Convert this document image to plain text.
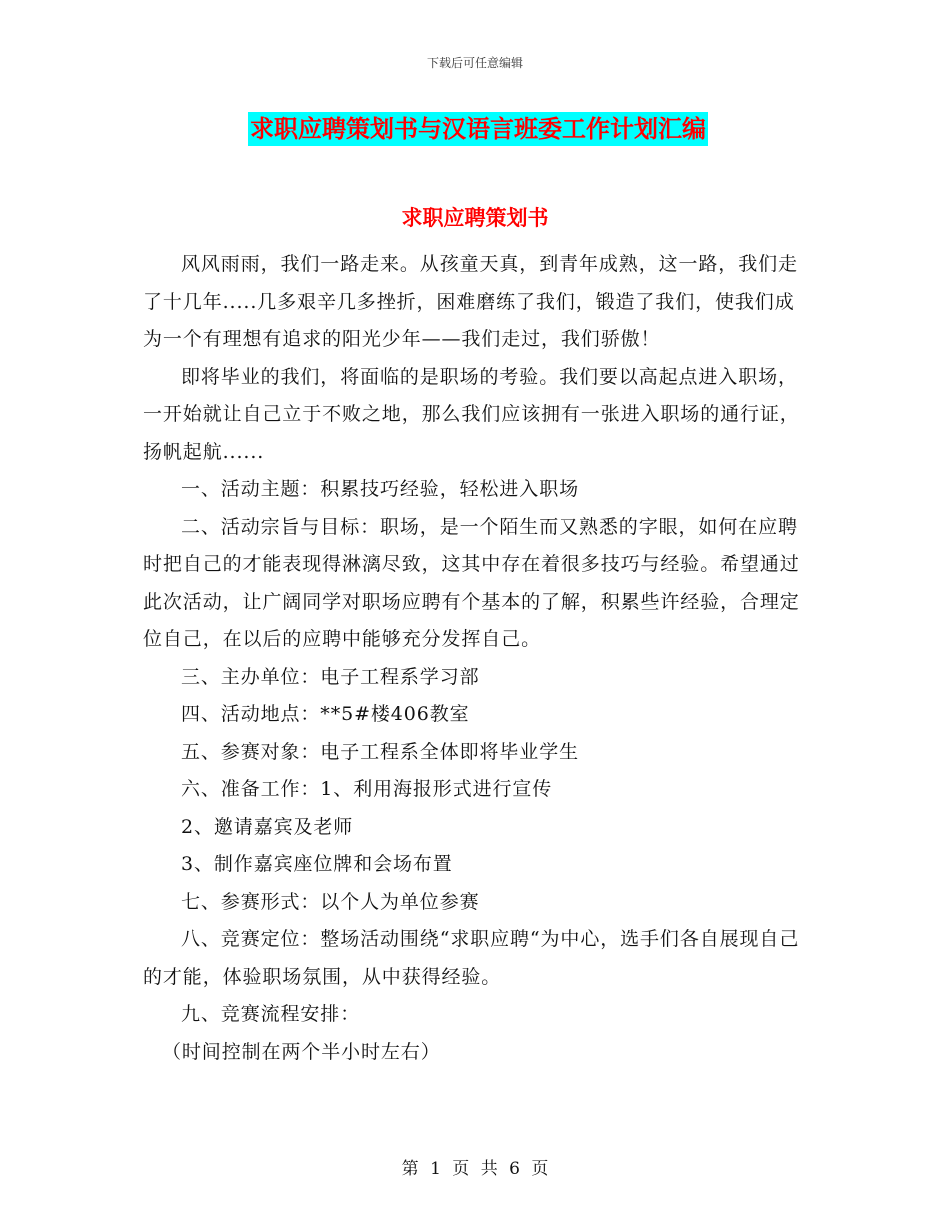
下载后可任意编辑
求职应聘策划书与汉语言班委工作计划汇编
求职应聘策划书

风风雨雨，我们一路走来。从孩童天真，到青年成熟，这一路，我们走了十几年.....几多艰辛几多挫折，困难磨练了我们，锻造了我们，使我们成为一个有理想有追求的阳光少年——我们走过，我们骄傲！

即将毕业的我们，将面临的是职场的考验。我们要以高起点进入职场，一开始就让自己立于不败之地，那么我们应该拥有一张进入职场的通行证，扬帆起航......

一、活动主题：积累技巧经验，轻松进入职场

二、活动宗旨与目标：职场，是一个陌生而又熟悉的字眼，如何在应聘时把自己的才能表现得淋漓尽致，这其中存在着很多技巧与经验。希望通过此次活动，让广阔同学对职场应聘有个基本的了解，积累些许经验，合理定位自己，在以后的应聘中能够充分发挥自己。

三、主办单位：电子工程系学习部

四、活动地点：**5#楼406教室

五、参赛对象：电子工程系全体即将毕业学生

六、准备工作：1、利用海报形式进行宣传

2、邀请嘉宾及老师

3、制作嘉宾座位牌和会场布置

七、参赛形式：以个人为单位参赛

八、竞赛定位：整场活动围绕“求职应聘“为中心，选手们各自展现自己的才能，体验职场氛围，从中获得经验。

九、竞赛流程安排：

（时间控制在两个半小时左右）

第 1 页 共 6 页
